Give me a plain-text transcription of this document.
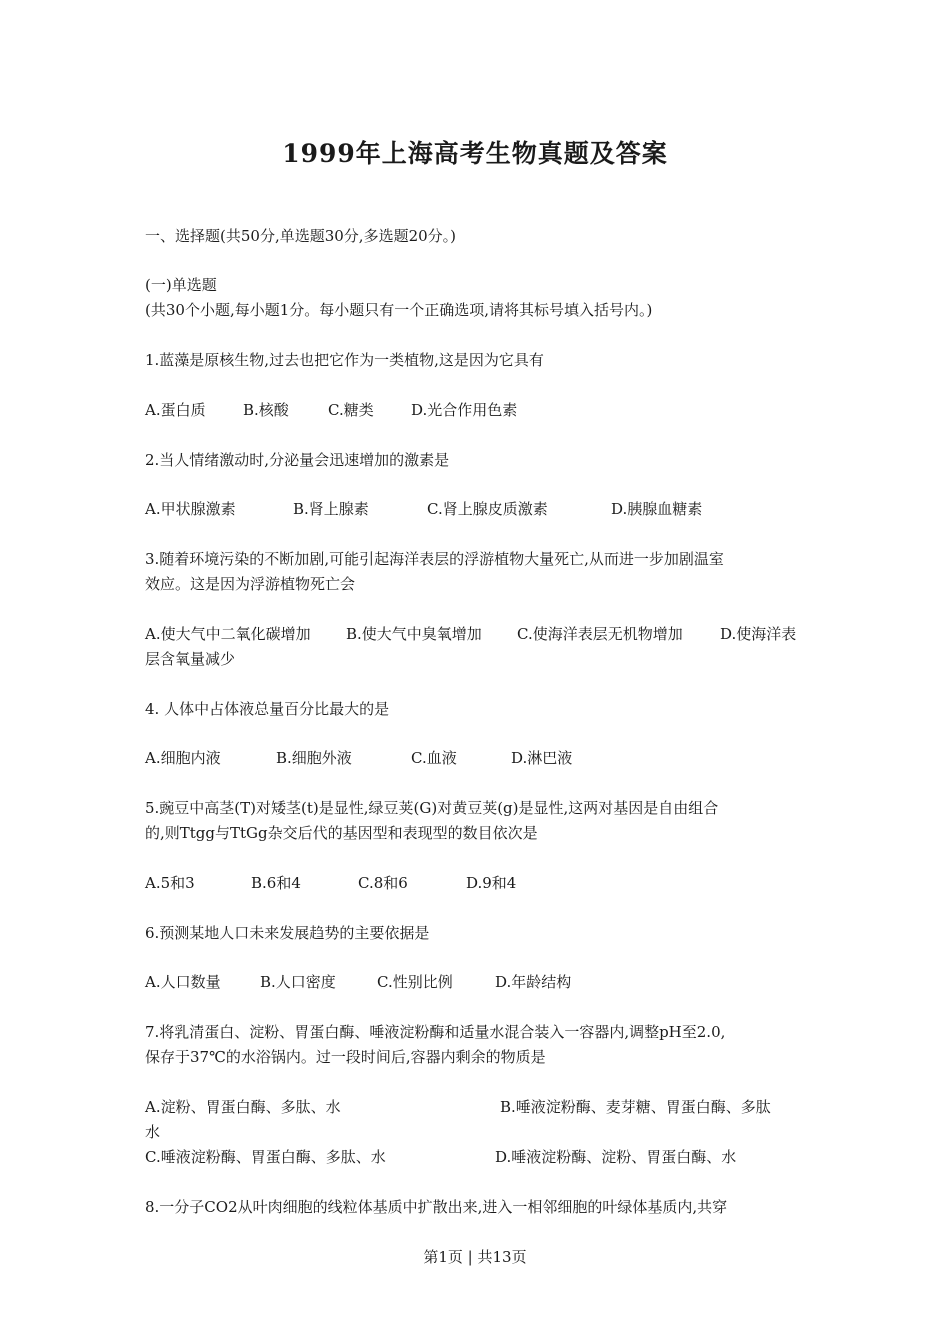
1999年上海高考生物真题及答案
一、选择题(共50分,单选题30分,多选题20分。)
(一)单选题
(共30个小题,每小题1分。每小题只有一个正确选项,请将其标号填入括号内。)
1.蓝藻是原核生物,过去也把它作为一类植物,这是因为它具有
A.蛋白质 B.核酸	C.糖类 D.光合作用色素
2.当人情绪激动时,分泌量会迅速增加的激素是
A.甲状腺激素	B.肾上腺素	C.肾上腺皮质激素	D.胰腺血糖素
3.随着环境污染的不断加剧,可能引起海洋表层的浮游植物大量死亡,从而进一步加剧温室
效应。这是因为浮游植物死亡会
A.使大气中二氧化碳增加 B.使大气中臭氧增加 C.使海洋表层无机物增加 D.使海洋表
层含氧量减少
4. 人体中占体液总量百分比最大的是
A.细胞内液	B.细胞外液	C.血液	D.淋巴液
5.豌豆中高茎(T)对矮茎(t)是显性,绿豆荚(G)对黄豆荚(g)是显性,这两对基因是自由组合
的,则Ttgg与TtGg杂交后代的基因型和表现型的数目依次是
A.5和3	B.6和4	C.8和6	D.9和4
6.预测某地人口未来发展趋势的主要依据是
A.人口数量	B.人口密度	C.性别比例	D.年龄结构
7.将乳清蛋白、淀粉、胃蛋白酶、唾液淀粉酶和适量水混合装入一容器内,调整pH至2.0,
保存于37℃的水浴锅内。过一段时间后,容器内剩余的物质是
A.淀粉、胃蛋白酶、多肽、水	B.唾液淀粉酶、麦芽糖、胃蛋白酶、多肽
水
C.唾液淀粉酶、胃蛋白酶、多肽、水	D.唾液淀粉酶、淀粉、胃蛋白酶、水
8.一分子CO2从叶肉细胞的线粒体基质中扩散出来,进入一相邻细胞的叶绿体基质内,共穿
第1页 | 共13页
